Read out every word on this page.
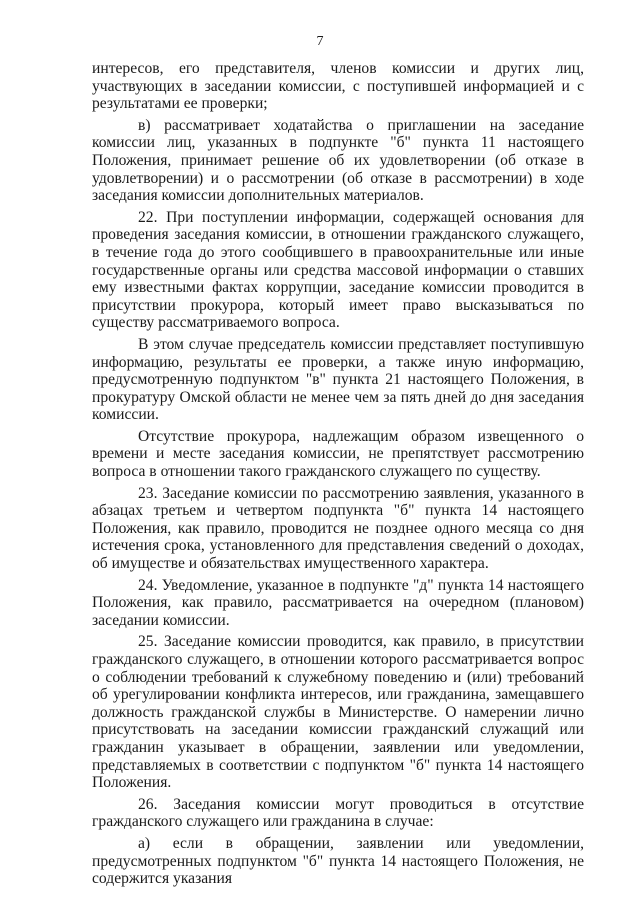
7

интересов, его представителя, членов комиссии и других лиц, участвующих в заседании комиссии, с поступившей информацией и с результатами ее проверки;

в) рассматривает ходатайства о приглашении на заседание комиссии лиц, указанных в подпункте "б" пункта 11 настоящего Положения, принимает решение об их удовлетворении (об отказе в удовлетворении) и о рассмотрении (об отказе в рассмотрении) в ходе заседания комиссии дополнительных материалов.

22. При поступлении информации, содержащей основания для проведения заседания комиссии, в отношении гражданского служащего, в течение года до этого сообщившего в правоохранительные или иные государственные органы или средства массовой информации о ставших ему известными фактах коррупции, заседание комиссии проводится в присутствии прокурора, который имеет право высказываться по существу рассматриваемого вопроса.

В этом случае председатель комиссии представляет поступившую информацию, результаты ее проверки, а также иную информацию, предусмотренную подпунктом "в" пункта 21 настоящего Положения, в прокуратуру Омской области не менее чем за пять дней до дня заседания комиссии.

Отсутствие прокурора, надлежащим образом извещенного о времени и месте заседания комиссии, не препятствует рассмотрению вопроса в отношении такого гражданского служащего по существу.

23. Заседание комиссии по рассмотрению заявления, указанного в абзацах третьем и четвертом подпункта "б" пункта 14 настоящего Положения, как правило, проводится не позднее одного месяца со дня истечения срока, установленного для представления сведений о доходах, об имуществе и обязательствах имущественного характера.

24. Уведомление, указанное в подпункте "д" пункта 14 настоящего Положения, как правило, рассматривается на очередном (плановом) заседании комиссии.

25. Заседание комиссии проводится, как правило, в присутствии гражданского служащего, в отношении которого рассматривается вопрос о соблюдении требований к служебному поведению и (или) требований об урегулировании конфликта интересов, или гражданина, замещавшего должность гражданской службы в Министерстве. О намерении лично присутствовать на заседании комиссии гражданский служащий или гражданин указывает в обращении, заявлении или уведомлении, представляемых в соответствии с подпунктом "б" пункта 14 настоящего Положения.

26. Заседания комиссии могут проводиться в отсутствие гражданского служащего или гражданина в случае:

а) если в обращении, заявлении или уведомлении, предусмотренных подпунктом "б" пункта 14 настоящего Положения, не содержится указания
